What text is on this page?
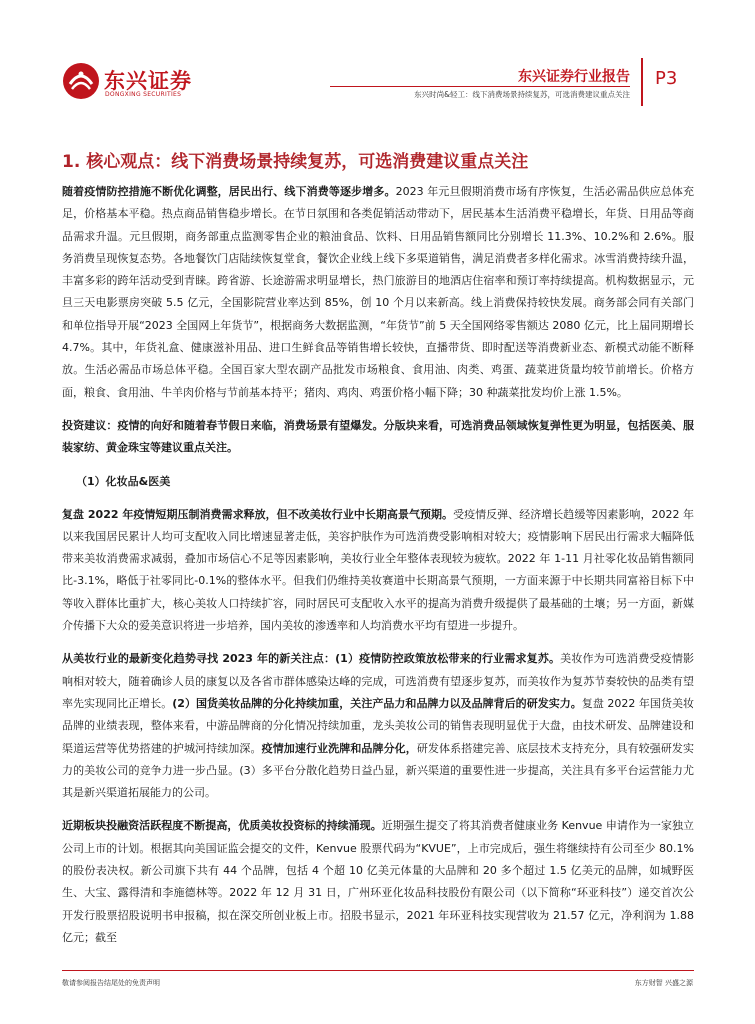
东兴证券
DONGXING SECURITIES
东兴证券行业报告
东兴时尚&轻工：线下消费场景持续复苏，可选消费建议重点关注
P3
1. 核心观点：线下消费场景持续复苏，可选消费建议重点关注

随着疫情防控措施不断优化调整，居民出行、线下消费等逐步增多。2023 年元旦假期消费市场有序恢复，生活必需品供应总体充足，价格基本平稳。热点商品销售稳步增长。在节日氛围和各类促销活动带动下，居民基本生活消费平稳增长，年货、日用品等商品需求升温。元旦假期，商务部重点监测零售企业的粮油食品、饮料、日用品销售额同比分别增长 11.3%、10.2%和 2.6%。服务消费呈现恢复态势。各地餐饮门店陆续恢复堂食，餐饮企业线上线下多渠道销售，满足消费者多样化需求。冰雪消费持续升温，丰富多彩的跨年活动受到青睐。跨省游、长途游需求明显增长，热门旅游目的地酒店住宿率和预订率持续提高。机构数据显示，元旦三天电影票房突破 5.5 亿元，全国影院营业率达到 85%，创 10 个月以来新高。线上消费保持较快发展。商务部会同有关部门和单位指导开展“2023 全国网上年货节”，根据商务大数据监测，“年货节”前 5 天全国网络零售额达 2080 亿元，比上届同期增长 4.7%。其中，年货礼盒、健康滋补用品、进口生鲜食品等销售增长较快，直播带货、即时配送等消费新业态、新模式动能不断释放。生活必需品市场总体平稳。全国百家大型农副产品批发市场粮食、食用油、肉类、鸡蛋、蔬菜进货量均较节前增长。价格方面，粮食、食用油、牛羊肉价格与节前基本持平；猪肉、鸡肉、鸡蛋价格小幅下降；30 种蔬菜批发均价上涨 1.5%。

投资建议：疫情的向好和随着春节假日来临，消费场景有望爆发。分版块来看，可选消费品领域恢复弹性更为明显，包括医美、服装家纺、黄金珠宝等建议重点关注。

（1）化妆品&医美

复盘 2022 年疫情短期压制消费需求释放，但不改美妆行业中长期高景气预期。受疫情反弹、经济增长趋缓等因素影响，2022 年以来我国居民累计人均可支配收入同比增速显著走低，美容护肤作为可选消费受影响相对较大；疫情影响下居民出行需求大幅降低带来美妆消费需求减弱，叠加市场信心不足等因素影响，美妆行业全年整体表现较为疲软。2022 年 1-11 月社零化妆品销售额同比-3.1%，略低于社零同比-0.1%的整体水平。但我们仍维持美妆赛道中长期高景气预期，一方面来源于中长期共同富裕目标下中等收入群体比重扩大，核心美妆人口持续扩容，同时居民可支配收入水平的提高为消费升级提供了最基础的土壤；另一方面，新媒介传播下大众的爱美意识将进一步培养，国内美妆的渗透率和人均消费水平均有望进一步提升。

从美妆行业的最新变化趋势寻找 2023 年的新关注点：(1）疫情防控政策放松带来的行业需求复苏。美妆作为可选消费受疫情影响相对较大，随着确诊人员的康复以及各省市群体感染达峰的完成，可选消费有望逐步复苏，而美妆作为复苏节奏较快的品类有望率先实现同比正增长。(2）国货美妆品牌的分化持续加重，关注产品力和品牌力以及品牌背后的研发实力。复盘 2022 年国货美妆品牌的业绩表现，整体来看，中游品牌商的分化情况持续加重，龙头美妆公司的销售表现明显优于大盘，由技术研发、品牌建设和渠道运营等优势搭建的护城河持续加深。疫情加速行业洗牌和品牌分化，研发体系搭建完善、底层技术支持充分，具有较强研发实力的美妆公司的竞争力进一步凸显。(3）多平台分散化趋势日益凸显，新兴渠道的重要性进一步提高，关注具有多平台运营能力尤其是新兴渠道拓展能力的公司。

近期板块投融资活跃程度不断提高，优质美妆投资标的持续涌现。近期强生提交了将其消费者健康业务 Kenvue 申请作为一家独立公司上市的计划。根据其向美国证监会提交的文件，Kenvue 股票代码为“KVUE”，上市完成后，强生将继续持有公司至少 80.1%的股份表决权。新公司旗下共有 44 个品牌，包括 4 个超 10 亿美元体量的大品牌和 20 多个超过 1.5 亿美元的品牌，如城野医生、大宝、露得清和李施德林等。2022 年 12 月 31 日，广州环亚化妆品科技股份有限公司（以下简称“环亚科技”）递交首次公开发行股票招股说明书申报稿，拟在深交所创业板上市。招股书显示，2021 年环亚科技实现营收为 21.57 亿元，净利润为 1.88 亿元；截至

敬请参阅报告结尾处的免责声明	东方财智 兴盛之源
